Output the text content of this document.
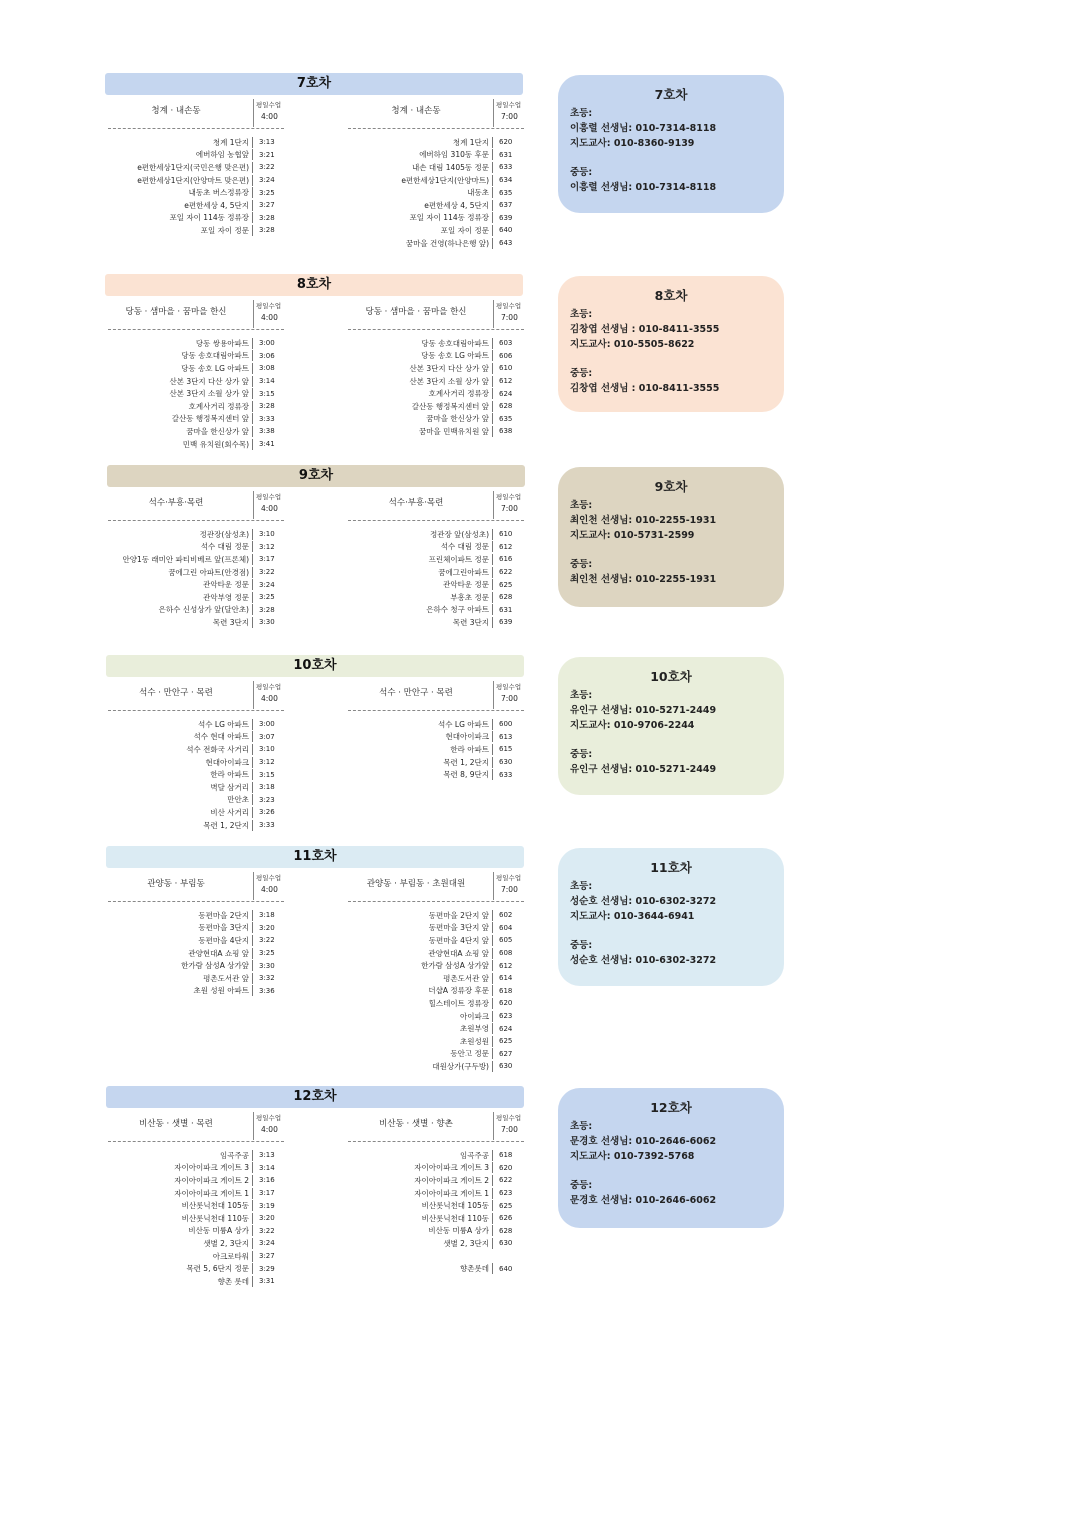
7호차
청계 · 내손동
평일수업
4:00
청계 1단지	3:13
에버하임 농협앞	3:21
e편한세상1단지(국민은행 맞은편)	3:22
e편한세상1단지(안양마트 맞은편)	3:24
내동초 버스정류장	3:25
e편한세상 4, 5단지	3:27
포일 자이 114동 정류장	3:28
포일 자이 정문	3:28
청계 · 내손동
평일수업
7:00
청계 1단지	620
에버하임 310동 후문	631
내손 대림 1405동 정문	633
e편한세상1단지(안양마트)	634
내동초	635
e편한세상 4, 5단지	637
포일 자이 114동 정류장	639
포일 자이 정문	640
꿈마을 건영(하나은행 앞)	643
7호차
초등:
이흥렬 선생님: 010-7314-8118
지도교사: 010-8360-9139
중등:
이흥렬 선생님: 010-7314-8118
8호차
당동 · 샘마을 · 꿈마을 한신
평일수업
4:00
당동 쌍용아파트	3:00
당동 송호대림아파트	3:06
당동 송호 LG 아파트	3:08
산본 3단지 다산 상가 앞	3:14
산본 3단지 소월 상가 앞	3:15
호계사거리 정류장	3:28
갈산동 행정복지센터 앞	3:33
꿈마을 한신상가 앞	3:38
민백 유치원(회수목)	3:41
당동 · 샘마을 · 꿈마을 한신
평일수업
7:00
당동 송호대림아파트	603
당동 송호 LG 아파트	606
산본 3단지 다산 상가 앞	610
산본 3단지 소월 상가 앞	612
호계사거리 정류장	624
갈산동 행정복지센터 앞	628
꿈마을 한신상가 앞	635
꿈마을 민백유치원 앞	638
8호차
초등:
김창엽 선생님 : 010-8411-3555
지도교사: 010-5505-8622
중등:
김창엽 선생님 : 010-8411-3555
9호차
석수·부흥·목련
평일수업
4:00
정관장(삼성초)	3:10
석수 대림 정문	3:12
안양1동 래미안 파티비베르 앞(프론체)	3:17
꿈에그린 아파트(안경점)	3:22
관악타운 정문	3:24
관악부영 정문	3:25
은하수 신성상가 앞(달안초)	3:28
목련 3단지	3:30
석수·부흥·목련
평일수업
7:00
정관장 앞(삼성초)	610
석수 대림 정문	612
프린체이파트 정문	616
꿈에그린아파트	622
관악타운 정문	625
부흥초 정문	628
은하수 청구 아파트	631
목련 3단지	639
9호차
초등:
최인천 선생님: 010-2255-1931
지도교사: 010-5731-2599
중등:
최인천 선생님: 010-2255-1931
10호차
석수 · 만안구 · 목련
평일수업
4:00
석수 LG 아파트	3:00
석수 현대 아파트	3:07
석수 전화국 사거리	3:10
현대아이파크	3:12
한라 아파트	3:15
벽달 삼거리	3:18
만안초	3:23
비산 사거리	3:26
목련 1, 2단지	3:33
석수 · 만안구 · 목련
평일수업
7:00
석수 LG 아파트	600
현대아이파크	613
한라 아파트	615
목련 1, 2단지	630
목련 8, 9단지	633
10호차
초등:
유인구 선생님: 010-5271-2449
지도교사: 010-9706-2244
중등:
유인구 선생님: 010-5271-2449
11호차
관양동 · 부림동
평일수업
4:00
동편마을 2단지	3:18
동편마을 3단지	3:20
동편마을 4단지	3:22
관양현대A 쇼핑 앞	3:25
한가람 삼성A 상가앞	3:30
평촌도서관 앞	3:32
초원 성원 아파트	3:36
관양동 · 부림동 · 초원대원
평일수업
7:00
동편마을 2단지 앞	602
동편마을 3단지 앞	604
동편마을 4단지 앞	605
관양현대A 쇼핑 앞	608
한가람 삼성A 상가앞	612
평촌도서관 앞	614
더샵A 정류장 후문	618
힐스테이트 정류장	620
아이파크	623
초원부영	624
초원성원	625
동안고 정문	627
대원상가(구두방)	630
11호차
초등:
성순호 선생님: 010-6302-3272
지도교사: 010-3644-6941
중등:
성순호 선생님: 010-6302-3272
12호차
비산동 · 샛별 · 목련
평일수업
4:00
임곡주공	3:13
자이아이파크 게이트 3	3:14
자이아이파크 게이트 2	3:16
자이아이파크 게이트 1	3:17
비산롯닉천대 105동	3:19
비산롯닉천대 110동	3:20
비산동 미륭A 상가	3:22
샛별 2, 3단지	3:24
아크로타워	3:27
목련 5, 6단지 정문	3:29
향촌 롯데	3:31
비산동 · 샛별 · 향촌
평일수업
7:00
임곡주공	618
자이아이파크 게이트 3	620
자이아이파크 게이트 2	622
자이아이파크 게이트 1	623
비산롯닉천대 105동	625
비산롯닉천대 110동	626
비산동 미륭A 상가	628
샛별 2, 3단지	630
향촌롯데	640
12호차
초등:
문경호 선생님: 010-2646-6062
지도교사: 010-7392-5768
중등:
문경호 선생님: 010-2646-6062
